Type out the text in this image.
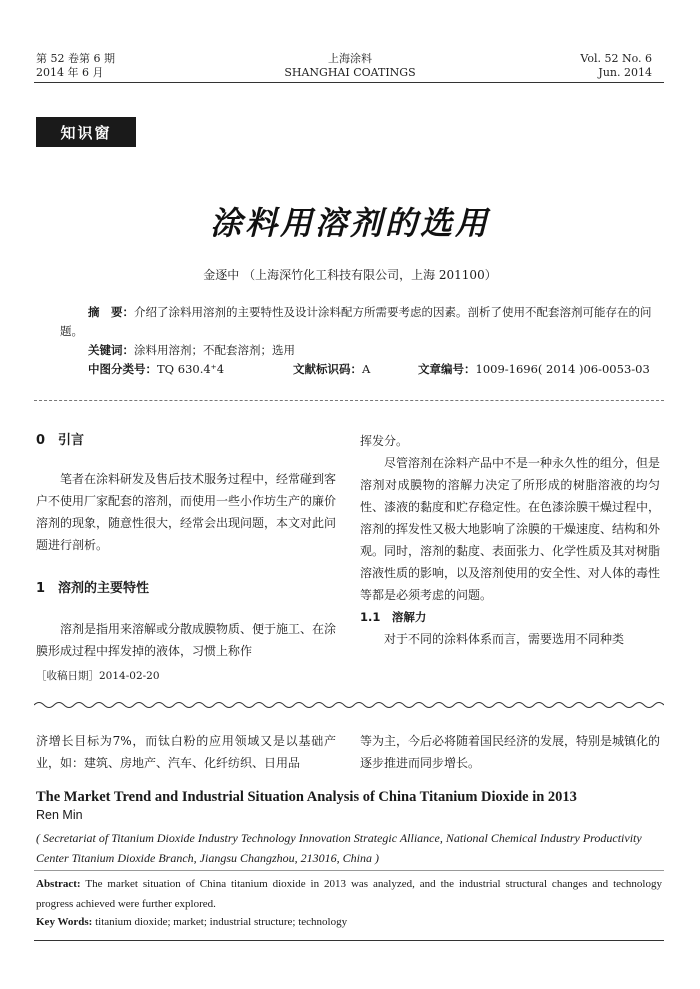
第 52 卷第 6 期
2014 年 6 月
上海涂料
SHANGHAI COATINGS
Vol. 52 No. 6
Jun. 2014
知识窗
涂料用溶剂的选用
金逐中 （上海深竹化工科技有限公司，上海 201100）
摘　要：介绍了涂料用溶剂的主要特性及设计涂料配方所需要考虑的因素。剖析了使用不配套溶剂可能存在的问题。
关键词：涂料用溶剂；不配套溶剂；选用
中图分类号：TQ 630.4⁺4	文献标识码：A	文章编号：1009-1696( 2014 )06-0053-03
0　引言

笔者在涂料研发及售后技术服务过程中，经常碰到客户不使用厂家配套的溶剂，而使用一些小作坊生产的廉价溶剂的现象，随意性很大，经常会出现问题，本文对此问题进行剖析。

1　溶剂的主要特性

溶剂是指用来溶解或分散成膜物质、便于施工、在涂膜形成过程中挥发掉的液体，习惯上称作

挥发分。

尽管溶剂在涂料产品中不是一种永久性的组分，但是溶剂对成膜物的溶解力决定了所形成的树脂溶液的均匀性、漆液的黏度和贮存稳定性。在色漆涂膜干燥过程中，溶剂的挥发性又极大地影响了涂膜的干燥速度、结构和外观。同时，溶剂的黏度、表面张力、化学性质及其对树脂溶液性质的影响，以及溶剂使用的安全性、对人体的毒性等都是必须考虑的问题。

1.1　溶解力

对于不同的涂料体系而言，需要选用不同种类

［收稿日期］2014-02-20

济增长目标为7%，而钛白粉的应用领域又是以基础产业，如：建筑、房地产、汽车、化纤纺织、日用品

等为主，今后必将随着国民经济的发展，特别是城镇化的逐步推进而同步增长。

The Market Trend and Industrial Situation Analysis of China Titanium Dioxide in 2013
Ren Min
( Secretariat of Titanium Dioxide Industry Technology Innovation Strategic Alliance, National Chemical Industry Productivity Center Titanium Dioxide Branch, Jiangsu Changzhou, 213016, China )
Abstract: The market situation of China titanium dioxide in 2013 was analyzed, and the industrial structural changes and technology progress achieved were further explored.
Key Words: titanium dioxide; market; industrial structure; technology
